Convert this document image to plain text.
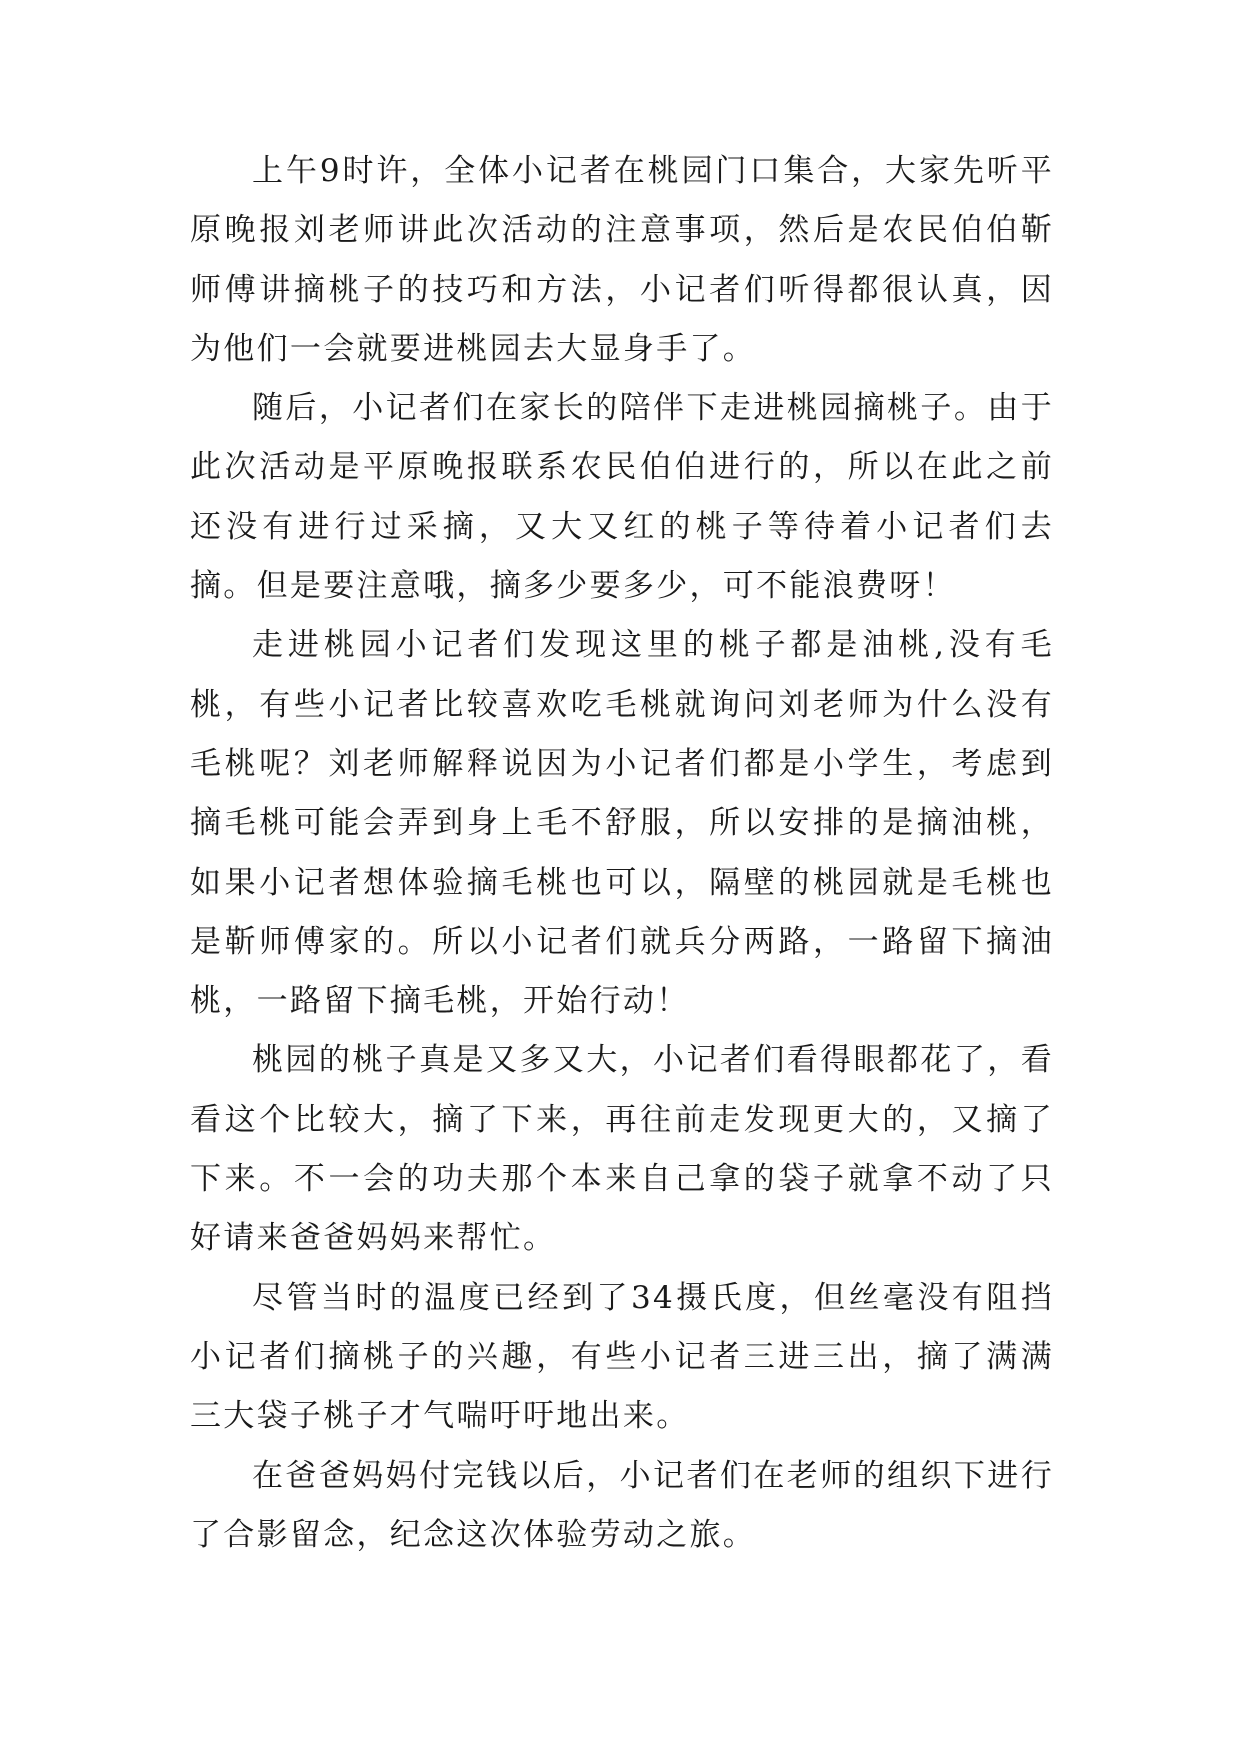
上午9时许，全体小记者在桃园门口集合，大家先听平原晚报刘老师讲此次活动的注意事项，然后是农民伯伯靳师傅讲摘桃子的技巧和方法，小记者们听得都很认真，因为他们一会就要进桃园去大显身手了。

随后，小记者们在家长的陪伴下走进桃园摘桃子。由于此次活动是平原晚报联系农民伯伯进行的，所以在此之前还没有进行过采摘，又大又红的桃子等待着小记者们去摘。但是要注意哦，摘多少要多少，可不能浪费呀！

走进桃园小记者们发现这里的桃子都是油桃,没有毛桃，有些小记者比较喜欢吃毛桃就询问刘老师为什么没有毛桃呢？刘老师解释说因为小记者们都是小学生，考虑到摘毛桃可能会弄到身上毛不舒服，所以安排的是摘油桃，如果小记者想体验摘毛桃也可以，隔壁的桃园就是毛桃也是靳师傅家的。所以小记者们就兵分两路，一路留下摘油桃，一路留下摘毛桃，开始行动！

桃园的桃子真是又多又大，小记者们看得眼都花了，看看这个比较大，摘了下来，再往前走发现更大的，又摘了下来。不一会的功夫那个本来自己拿的袋子就拿不动了只好请来爸爸妈妈来帮忙。

尽管当时的温度已经到了34摄氏度，但丝毫没有阻挡小记者们摘桃子的兴趣，有些小记者三进三出，摘了满满三大袋子桃子才气喘吁吁地出来。

在爸爸妈妈付完钱以后，小记者们在老师的组织下进行了合影留念，纪念这次体验劳动之旅。
